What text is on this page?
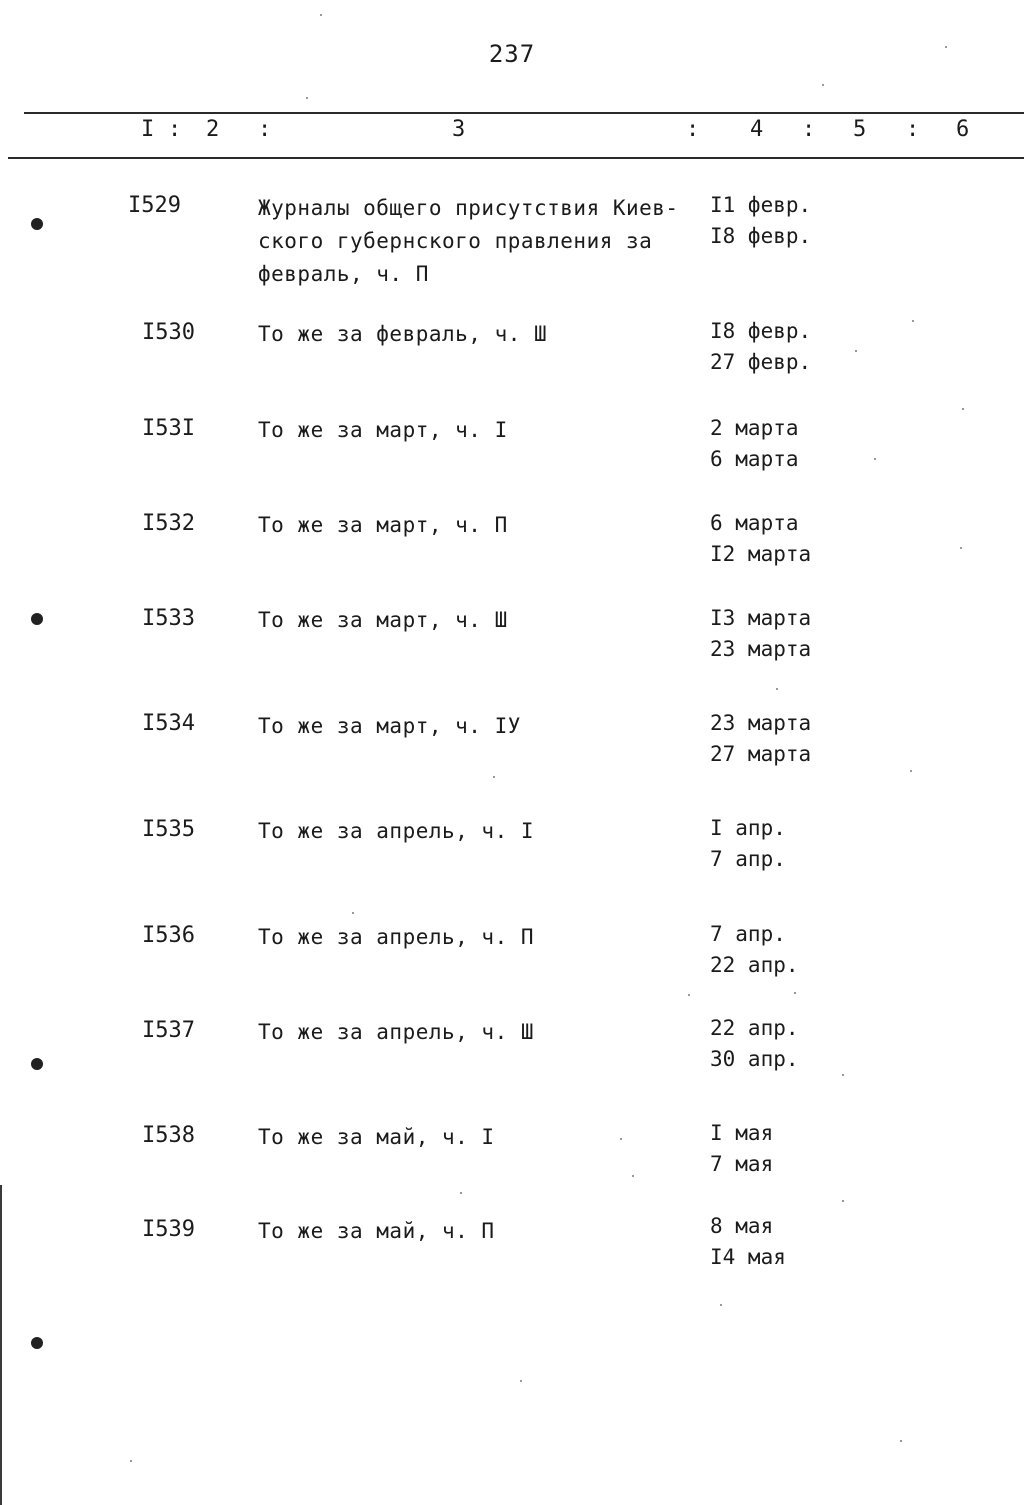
237
I : 2 :	3	: 4 : 5 : 6
I529	Журналы общего присутствия Киев-
ского губернского правления за
февраль, ч. П
I1 февр.
I8 февр.
I530	То же за февраль, ч. Ш	I8 февр.
27 февр.
I53I	То же за март, ч. I	2 марта
6 марта
I532	То же за март, ч. П	6 марта
I2 марта
I533	То же за март, ч. Ш	I3 марта
23 марта
I534	То же за март, ч. IУ	23 марта
27 марта
I535	То же за апрель, ч. I	I апр.
7 апр.
I536	То же за апрель, ч. П	7 апр.
22 апр.
I537	То же за апрель, ч. Ш	22 апр.
30 апр.
I538	То же за май, ч. I	I мая
7 мая
I539	То же за май, ч. П	8 мая
I4 мая
